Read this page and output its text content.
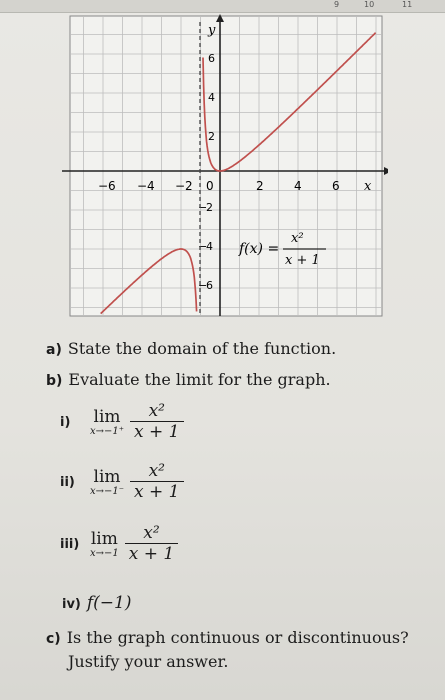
9	10	11
−6 −4 −2 0	2	4	6 x
y
6
4
2
2
4
6
−
−
−
f(x) =
x²
x + 1
a) State the domain of the function.
b) Evaluate the limit for the graph.
i)	lim
$x\to-1^+ \frac{\text{x²}}{x + 1}$
ii)	lim
$x\to-1^- \frac{\text{x²}}{x + 1}$
iii) lim
$x\to-1 \frac{\text{x²}}{x + 1}$
iv) f(−1)
c) Is the graph continuous or discontinuous?
Justify your answer.
